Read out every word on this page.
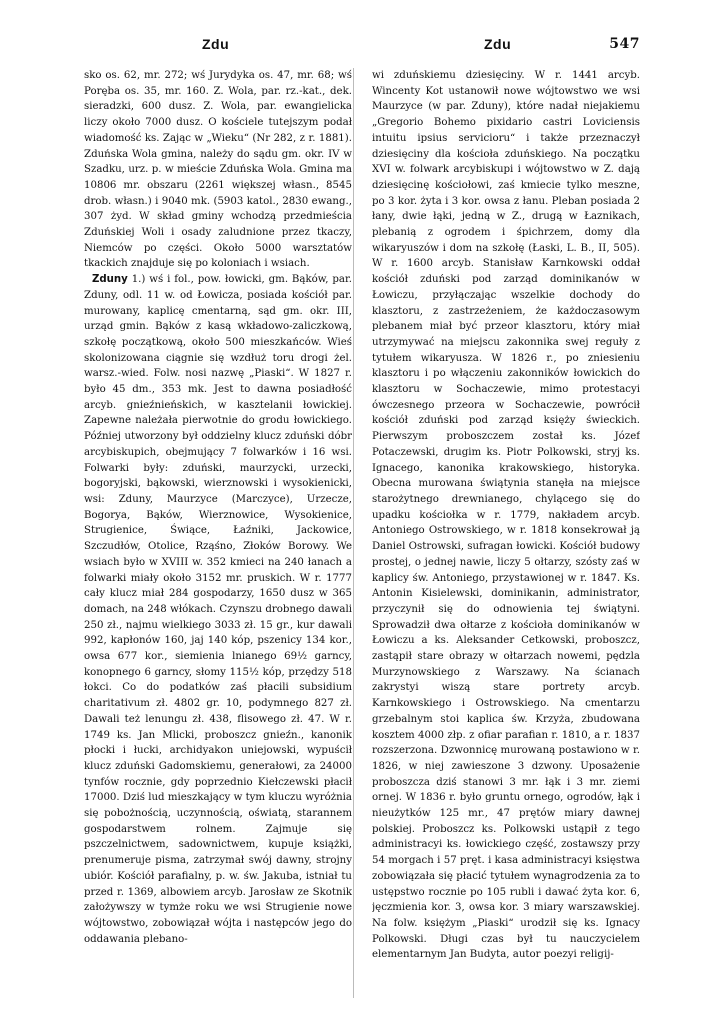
Zdu	Zdu	547

sko os. 62, mr. 272; wś Jurydyka os. 47, mr. 68; wś Poręba os. 35, mr. 160. Z. Wola, par. rz.-kat., dek. sieradzki, 600 dusz. Z. Wola, par. ewangielicka liczy około 7000 dusz. O kościele tutejszym podał wiadomość ks. Zając w „Wieku“ (Nr 282, z r. 1881). Zduńska Wola gmina, należy do sądu gm. okr. IV w Szadku, urz. p. w mieście Zduńska Wola. Gmina ma 10806 mr. obszaru (2261 większej własn., 8545 drob. własn.) i 9040 mk. (5903 katol., 2830 ewang., 307 żyd. W skład gminy wchodzą przedmieścia Zduńskiej Woli i osady zaludnione przez tkaczy, Niemców po części. Około 5000 warsztatów tkackich znajduje się po koloniach i wsiach.

Zduny 1.) wś i fol., pow. łowicki, gm. Bąków, par. Zduny, odl. 11 w. od Łowicza, posiada kościół par. murowany, kaplicę cmentarną, sąd gm. okr. III, urząd gmin. Bąków z kasą wkładowo-zaliczkową, szkołę początkową, około 500 mieszkańców. Wieś skolonizowana ciągnie się wzdłuż toru drogi żel. warsz.-wied. Folw. nosi nazwę „Piaski“. W 1827 r. było 45 dm., 353 mk. Jest to dawna posiadłość arcyb. gnieźnieńskich, w kasztelanii łowickiej. Zapewne należała pierwotnie do grodu łowickiego. Później utworzony był oddzielny klucz zduński dóbr arcybiskupich, obejmujący 7 folwarków i 16 wsi. Folwarki były: zduński, maurzycki, urzecki, bogoryjski, bąkowski, wierznowski i wysokienicki, wsi: Zduny, Maurzyce (Marczyce), Urzecze, Bogorya, Bąków, Wierznowice, Wysokienice, Strugienice, Świące, Łaźniki, Jackowice, Szczudłów, Otolice, Rząśno, Złoków Borowy. We wsiach było w XVIII w. 352 kmieci na 240 łanach a folwarki miały około 3152 mr. pruskich. W r. 1777 cały klucz miał 284 gospodarzy, 1650 dusz w 365 domach, na 248 włókach. Czynszu drobnego dawali 250 zł., najmu wielkiego 3033 zł. 15 gr., kur dawali 992, kapłonów 160, jaj 140 kóp, pszenicy 134 kor., owsa 677 kor., siemienia lnianego 69½ garncy, konopnego 6 garncy, słomy 115½ kóp, przędzy 518 łokci. Co do podatków zaś płacili subsidium charitativum zł. 4802 gr. 10, podymnego 827 zł. Dawali też lenungu zł. 438, flisowego zł. 47. W r. 1749 ks. Jan Mlicki, proboszcz gnieźn., kanonik płocki i łucki, archidyakon uniejowski, wypuścił klucz zduński Gadomskiemu, generałowi, za 24000 tynfów rocznie, gdy poprzednio Kiełczewski płacił 17000. Dziś lud mieszkający w tym kluczu wyróżnia się pobożnością, uczynnością, oświatą, starannem gospodarstwem rolnem. Zajmuje się pszczelnictwem, sadownictwem, kupuje książki, prenumeruje pisma, zatrzymał swój dawny, strojny ubiór. Kościół parafialny, p. w. św. Jakuba, istniał tu przed r. 1369, albowiem arcyb. Jarosław ze Skotnik założywszy w tymże roku we wsi Strugienie nowe wójtowstwo, zobowiązał wójta i następców jego do oddawania plebano-

wi zduńskiemu dziesięciny. W r. 1441 arcyb. Wincenty Kot ustanowił nowe wójtowstwo we wsi Maurzyce (w par. Zduny), które nadał niejakiemu „Gregorio Bohemo pixidario castri Loviciensis intuitu ipsius servicioru“ i także przeznaczył dziesięciny dla kościoła zduńskiego. Na początku XVI w. folwark arcybiskupi i wójtowstwo w Z. dają dziesięcinę kościołowi, zaś kmiecie tylko meszne, po 3 kor. żyta i 3 kor. owsa z łanu. Pleban posiada 2 łany, dwie łąki, jedną w Z., drugą w Łaznikach, plebanią z ogrodem i śpichrzem, domy dla wikaryuszów i dom na szkołę (Łaski, L. B., II, 505). W r. 1600 arcyb. Stanisław Karnkowski oddał kościół zduński pod zarząd dominikanów w Łowiczu, przyłączając wszelkie dochody do klasztoru, z zastrzeżeniem, że każdoczasowym plebanem miał być przeor klasztoru, który miał utrzymywać na miejscu zakonnika swej reguły z tytułem wikaryusza. W 1826 r., po zniesieniu klasztoru i po włączeniu zakonników łowickich do klasztoru w Sochaczewie, mimo protestacyi ówczesnego przeora w Sochaczewie, powrócił kościół zduński pod zarząd księży świeckich. Pierwszym proboszczem został ks. Józef Potaczewski, drugim ks. Piotr Polkowski, stryj ks. Ignacego, kanonika krakowskiego, historyka. Obecna murowana świątynia stanęła na miejsce starożytnego drewnianego, chylącego się do upadku kościołka w r. 1779, nakładem arcyb. Antoniego Ostrowskiego, w r. 1818 konsekrował ją Daniel Ostrowski, sufragan łowicki. Kościół budowy prostej, o jednej nawie, liczy 5 ołtarzy, szósty zaś w kaplicy św. Antoniego, przystawionej w r. 1847. Ks. Antonin Kisielewski, dominikanin, administrator, przyczynił się do odnowienia tej świątyni. Sprowadził dwa ołtarze z kościoła dominikanów w Łowiczu a ks. Aleksander Cetkowski, proboszcz, zastąpił stare obrazy w ołtarzach nowemi, pędzla Murzynowskiego z Warszawy. Na ścianach zakrystyi wiszą stare portrety arcyb. Karnkowskiego i Ostrowskiego. Na cmentarzu grzebalnym stoi kaplica św. Krzyża, zbudowana kosztem 4000 złp. z ofiar parafian r. 1810, a r. 1837 rozszerzona. Dzwonnicę murowaną postawiono w r. 1826, w niej zawieszone 3 dzwony. Uposażenie proboszcza dziś stanowi 3 mr. łąk i 3 mr. ziemi ornej. W 1836 r. było gruntu ornego, ogrodów, łąk i nieużytków 125 mr., 47 prętów miary dawnej polskiej. Proboszcz ks. Polkowski ustąpił z tego administracyi ks. łowickiego część, zostawszy przy 54 morgach i 57 pręt. i kasa administracyi księstwa zobowiązała się płacić tytułem wynagrodzenia za to ustępstwo rocznie po 105 rubli i dawać żyta kor. 6, jęczmienia kor. 3, owsa kor. 3 miary warszawskiej. Na folw. księżym „Piaski“ urodził się ks. Ignacy Polkowski. Długi czas był tu nauczycielem elementarnym Jan Budyta, autor poezyi religij-
